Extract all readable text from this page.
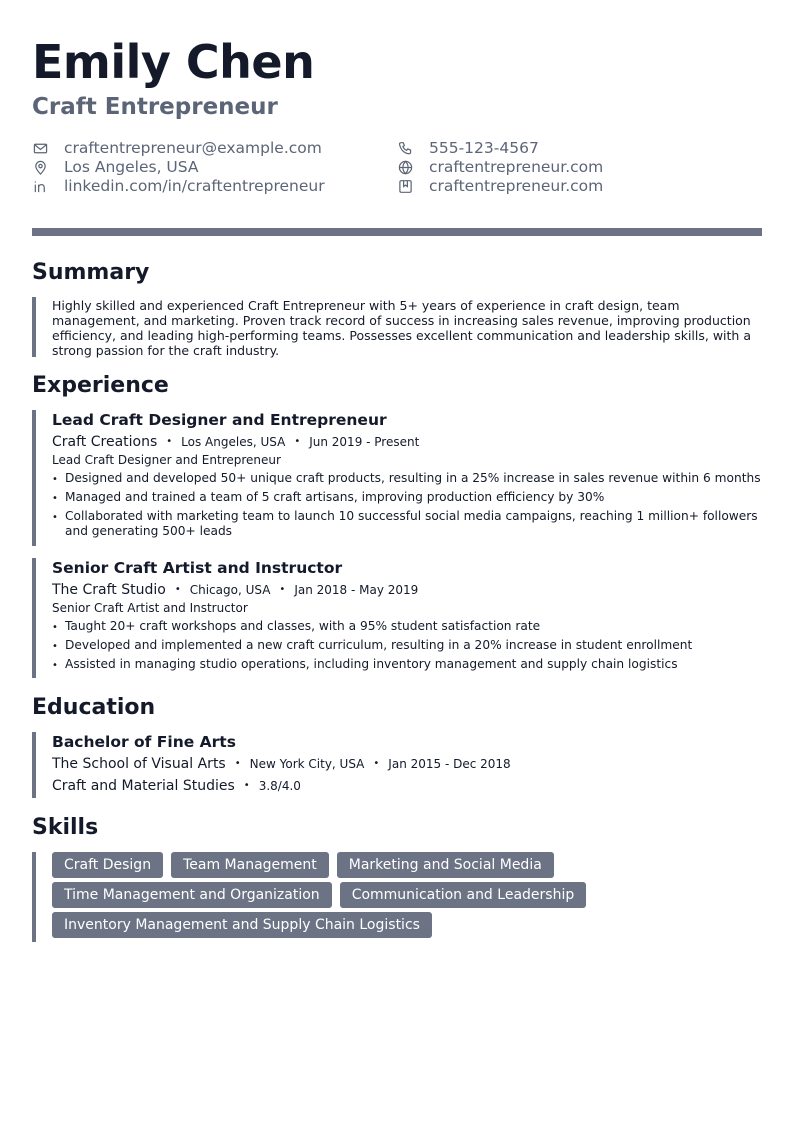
Emily Chen
Craft Entrepreneur
craftentrepreneur@example.com
Los Angeles, USA
linkedin.com/in/craftentrepreneur
555-123-4567
craftentrepreneur.com
craftentrepreneur.com
Summary
Highly skilled and experienced Craft Entrepreneur with 5+ years of experience in craft design, team management, and marketing. Proven track record of success in increasing sales revenue, improving production efficiency, and leading high-performing teams. Possesses excellent communication and leadership skills, with a strong passion for the craft industry.
Experience
Lead Craft Designer and Entrepreneur
Craft Creations • Los Angeles, USA • Jun 2019 - Present
Lead Craft Designer and Entrepreneur
• Designed and developed 50+ unique craft products, resulting in a 25% increase in sales revenue within 6 months
• Managed and trained a team of 5 craft artisans, improving production efficiency by 30%
• Collaborated with marketing team to launch 10 successful social media campaigns, reaching 1 million+ followers and generating 500+ leads
Senior Craft Artist and Instructor
The Craft Studio • Chicago, USA • Jan 2018 - May 2019
Senior Craft Artist and Instructor
• Taught 20+ craft workshops and classes, with a 95% student satisfaction rate
• Developed and implemented a new craft curriculum, resulting in a 20% increase in student enrollment
• Assisted in managing studio operations, including inventory management and supply chain logistics
Education
Bachelor of Fine Arts
The School of Visual Arts • New York City, USA • Jan 2015 - Dec 2018
Craft and Material Studies • 3.8/4.0
Skills
Craft Design	Team Management	Marketing and Social Media
Time Management and Organization	Communication and Leadership
Inventory Management and Supply Chain Logistics
